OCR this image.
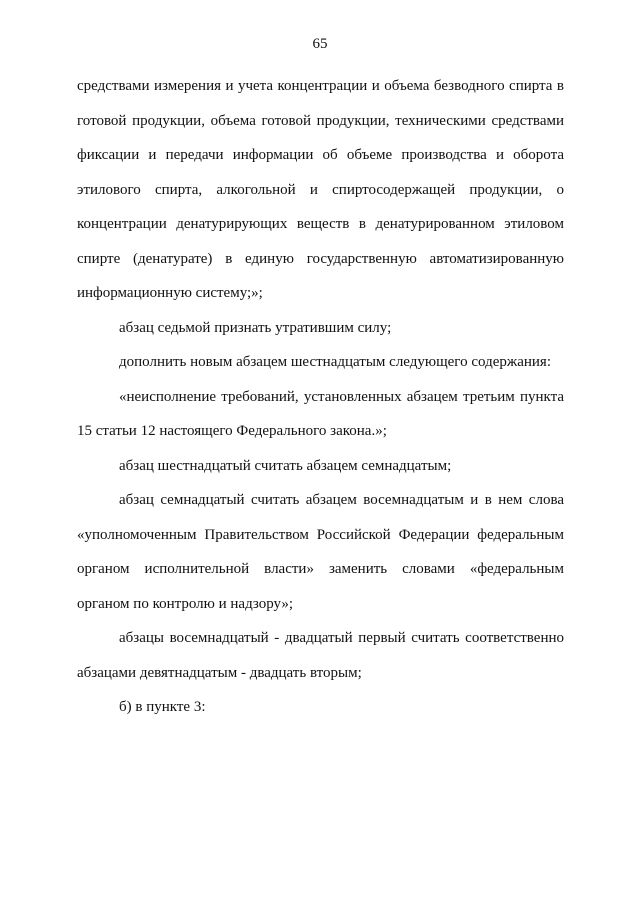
65

средствами измерения и учета концентрации и объема безводного спирта в готовой продукции, объема готовой продукции, техническими средствами фиксации и передачи информации об объеме производства и оборота этилового спирта, алкогольной и спиртосодержащей продукции, о концентрации денатурирующих веществ в денатурированном этиловом спирте (денатурате) в единую государственную автоматизированную информационную систему;»;

абзац седьмой признать утратившим силу;

дополнить новым абзацем шестнадцатым следующего содержания:

«неисполнение требований, установленных абзацем третьим пункта 15 статьи 12 настоящего Федерального закона.»;

абзац шестнадцатый считать абзацем семнадцатым;

абзац семнадцатый считать абзацем восемнадцатым и в нем слова «уполномоченным Правительством Российской Федерации федеральным органом исполнительной власти» заменить словами «федеральным органом по контролю и надзору»;

абзацы восемнадцатый - двадцатый первый считать соответственно абзацами девятнадцатым - двадцать вторым;

б) в пункте 3:
